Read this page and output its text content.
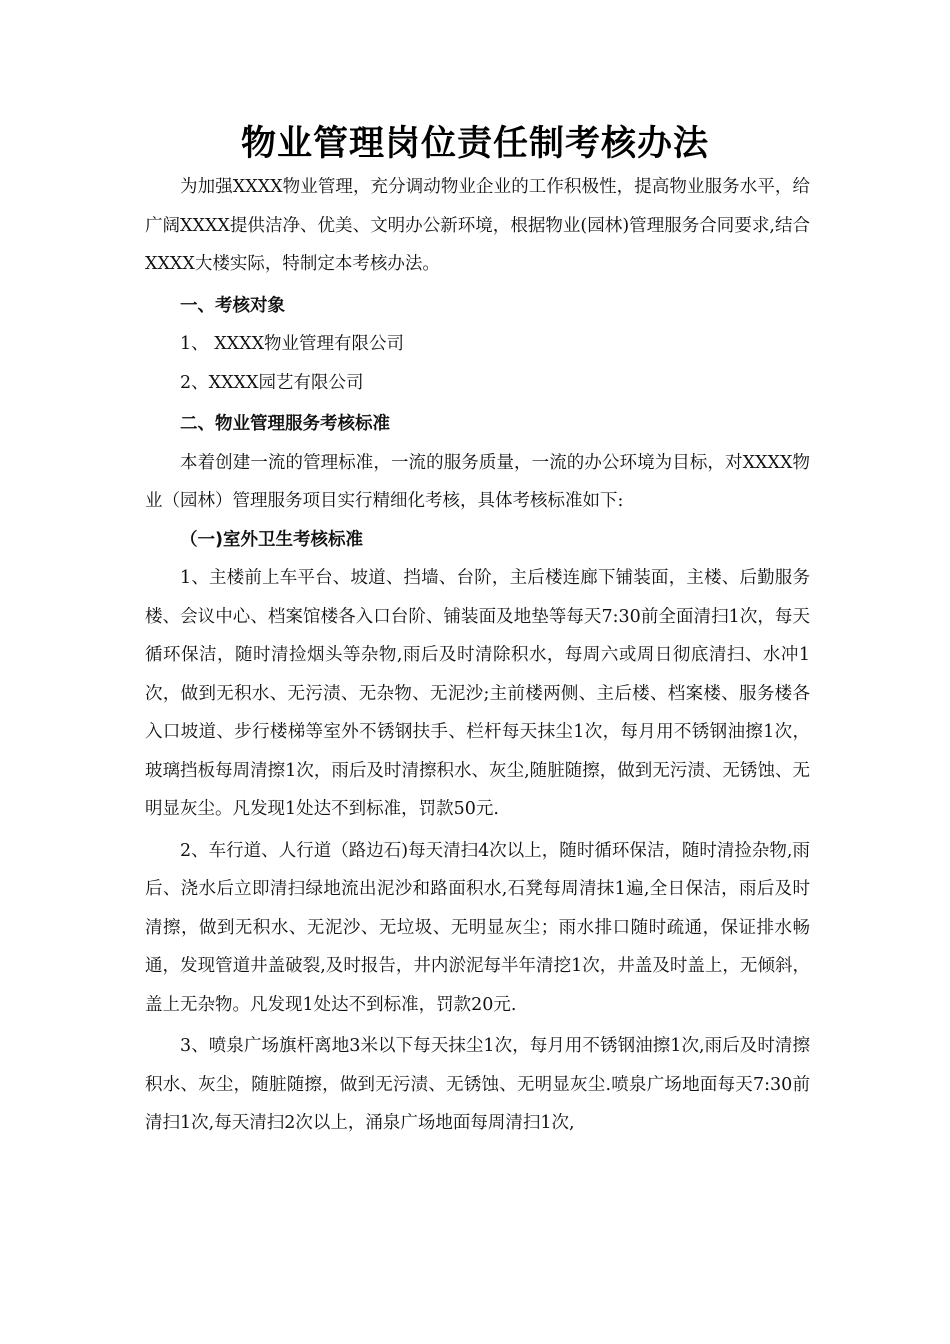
物业管理岗位责任制考核办法

为加强XXXX物业管理，充分调动物业企业的工作积极性，提高物业服务水平，给广阔XXXX提供洁净、优美、文明办公新环境，根据物业(园林)管理服务合同要求,结合XXXX大楼实际，特制定本考核办法。

一、考核对象

1、 XXXX物业管理有限公司

2、XXXX园艺有限公司

二、物业管理服务考核标准

本着创建一流的管理标准，一流的服务质量，一流的办公环境为目标，对XXXX物业（园林）管理服务项目实行精细化考核，具体考核标准如下:

（一)室外卫生考核标准

1、主楼前上车平台、坡道、挡墙、台阶，主后楼连廊下铺装面，主楼、后勤服务楼、会议中心、档案馆楼各入口台阶、铺装面及地垫等每天7:30前全面清扫1次，每天循环保洁，随时清捡烟头等杂物,雨后及时清除积水，每周六或周日彻底清扫、水冲1次，做到无积水、无污渍、无杂物、无泥沙;主前楼两侧、主后楼、档案楼、服务楼各入口坡道、步行楼梯等室外不锈钢扶手、栏杆每天抹尘1次，每月用不锈钢油擦1次，玻璃挡板每周清擦1次，雨后及时清擦积水、灰尘,随脏随擦，做到无污渍、无锈蚀、无明显灰尘。凡发现1处达不到标准，罚款50元.

2、车行道、人行道（路边石)每天清扫4次以上，随时循环保洁，随时清捡杂物,雨后、浇水后立即清扫绿地流出泥沙和路面积水,石凳每周清抹1遍,全日保洁，雨后及时清擦，做到无积水、无泥沙、无垃圾、无明显灰尘；雨水排口随时疏通，保证排水畅通，发现管道井盖破裂,及时报告，井内淤泥每半年清挖1次，井盖及时盖上，无倾斜，盖上无杂物。凡发现1处达不到标准，罚款20元.

3、喷泉广场旗杆离地3米以下每天抹尘1次，每月用不锈钢油擦1次,雨后及时清擦积水、灰尘，随脏随擦，做到无污渍、无锈蚀、无明显灰尘.喷泉广场地面每天7:30前清扫1次,每天清扫2次以上，涌泉广场地面每周清扫1次,
